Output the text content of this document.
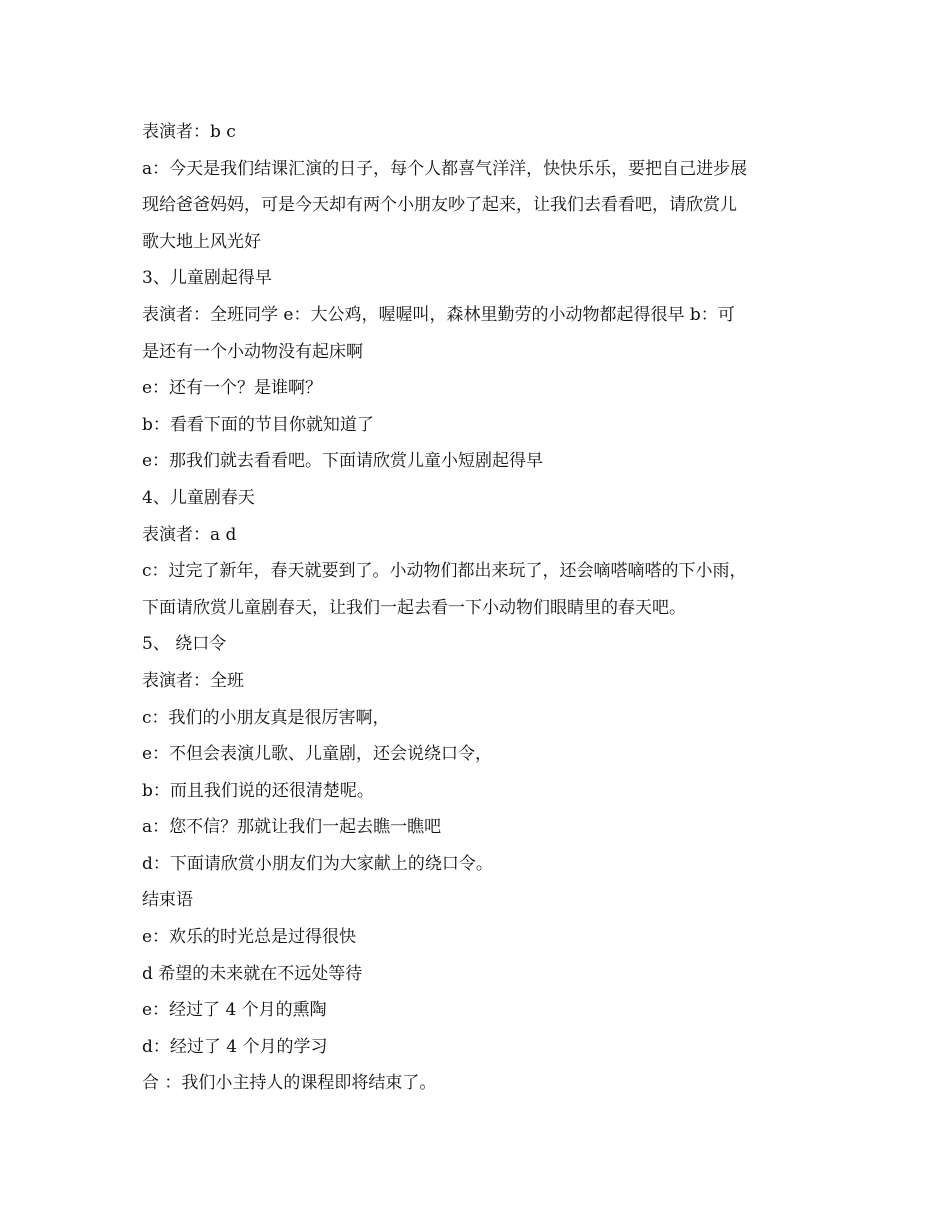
表演者：b c
a：今天是我们结课汇演的日子，每个人都喜气洋洋，快快乐乐，要把自己进步展
现给爸爸妈妈，可是今天却有两个小朋友吵了起来，让我们去看看吧，请欣赏儿
歌大地上风光好
3、儿童剧起得早
表演者：全班同学 e：大公鸡，喔喔叫，森林里勤劳的小动物都起得很早 b：可
是还有一个小动物没有起床啊
e：还有一个？是谁啊？
b：看看下面的节目你就知道了
e：那我们就去看看吧。下面请欣赏儿童小短剧起得早
4、儿童剧春天
表演者：a d
c：过完了新年，春天就要到了。小动物们都出来玩了，还会嘀嗒嘀嗒的下小雨，
下面请欣赏儿童剧春天，让我们一起去看一下小动物们眼睛里的春天吧。
5、 绕口令
表演者：全班
c：我们的小朋友真是很厉害啊，
e：不但会表演儿歌、儿童剧，还会说绕口令，
b：而且我们说的还很清楚呢。
a：您不信？那就让我们一起去瞧一瞧吧
d：下面请欣赏小朋友们为大家献上的绕口令。
结束语
e：欢乐的时光总是过得很快
d 希望的未来就在不远处等待
e：经过了 4 个月的熏陶
d：经过了 4 个月的学习
合 ：我们小主持人的课程即将结束了。
